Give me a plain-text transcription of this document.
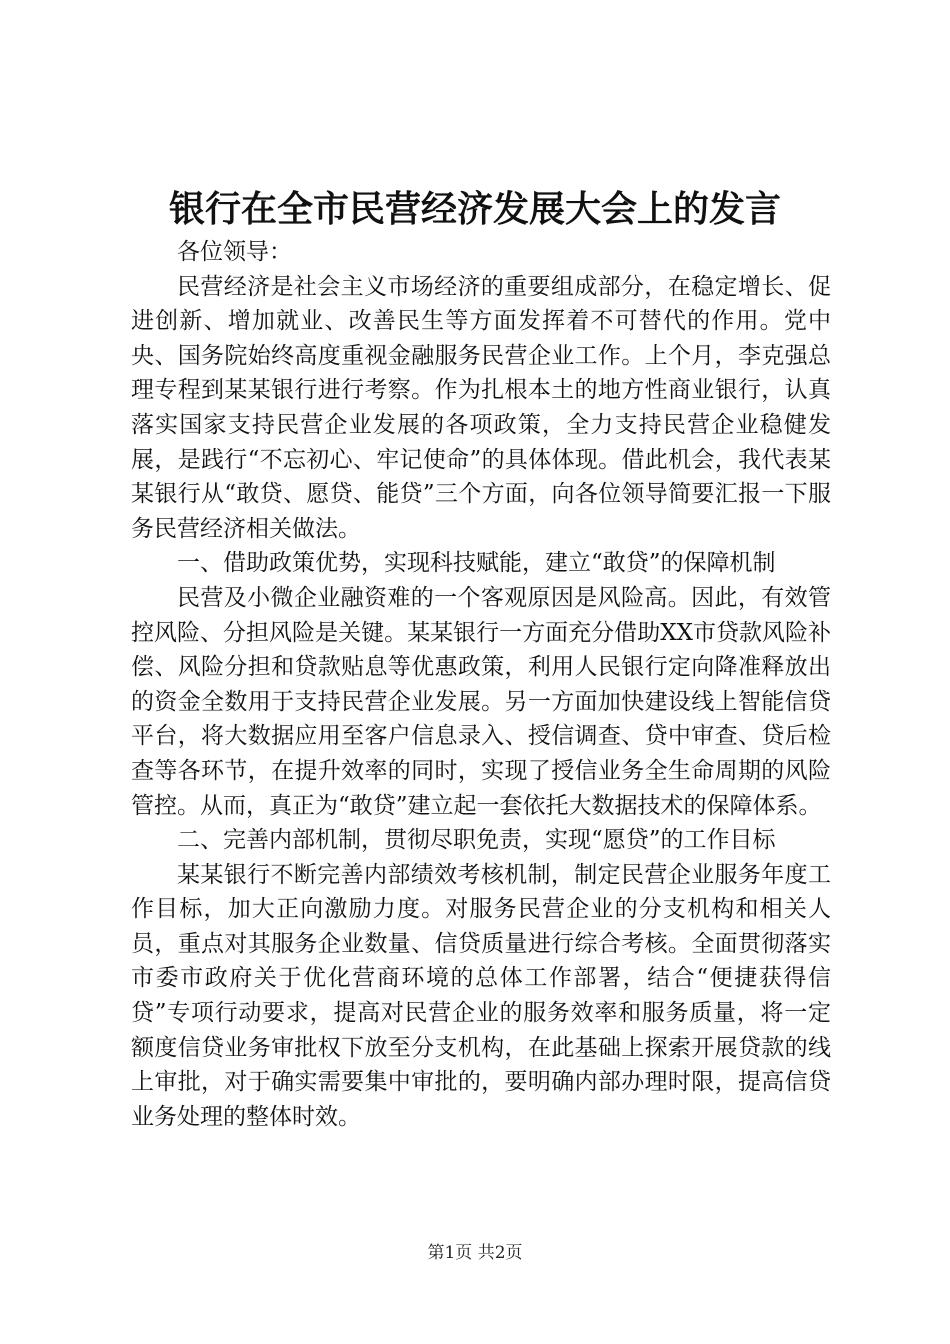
银行在全市民营经济发展大会上的发言

各位领导：

民营经济是社会主义市场经济的重要组成部分，在稳定增长、促进创新、增加就业、改善民生等方面发挥着不可替代的作用。党中央、国务院始终高度重视金融服务民营企业工作。上个月，李克强总理专程到某某银行进行考察。作为扎根本土的地方性商业银行，认真落实国家支持民营企业发展的各项政策，全力支持民营企业稳健发展，是践行“不忘初心、牢记使命”的具体体现。借此机会，我代表某某银行从“敢贷、愿贷、能贷”三个方面，向各位领导简要汇报一下服务民营经济相关做法。

一、借助政策优势，实现科技赋能，建立“敢贷”的保障机制

民营及小微企业融资难的一个客观原因是风险高。因此，有效管控风险、分担风险是关键。某某银行一方面充分借助XX市贷款风险补偿、风险分担和贷款贴息等优惠政策，利用人民银行定向降准释放出的资金全数用于支持民营企业发展。另一方面加快建设线上智能信贷平台，将大数据应用至客户信息录入、授信调查、贷中审查、贷后检查等各环节，在提升效率的同时，实现了授信业务全生命周期的风险管控。从而，真正为“敢贷”建立起一套依托大数据技术的保障体系。

二、完善内部机制，贯彻尽职免责，实现“愿贷”的工作目标

某某银行不断完善内部绩效考核机制，制定民营企业服务年度工作目标，加大正向激励力度。对服务民营企业的分支机构和相关人员，重点对其服务企业数量、信贷质量进行综合考核。全面贯彻落实市委市政府关于优化营商环境的总体工作部署，结合“便捷获得信贷”专项行动要求，提高对民营企业的服务效率和服务质量，将一定额度信贷业务审批权下放至分支机构，在此基础上探索开展贷款的线上审批，对于确实需要集中审批的，要明确内部办理时限，提高信贷业务处理的整体时效。

第1页 共2页
